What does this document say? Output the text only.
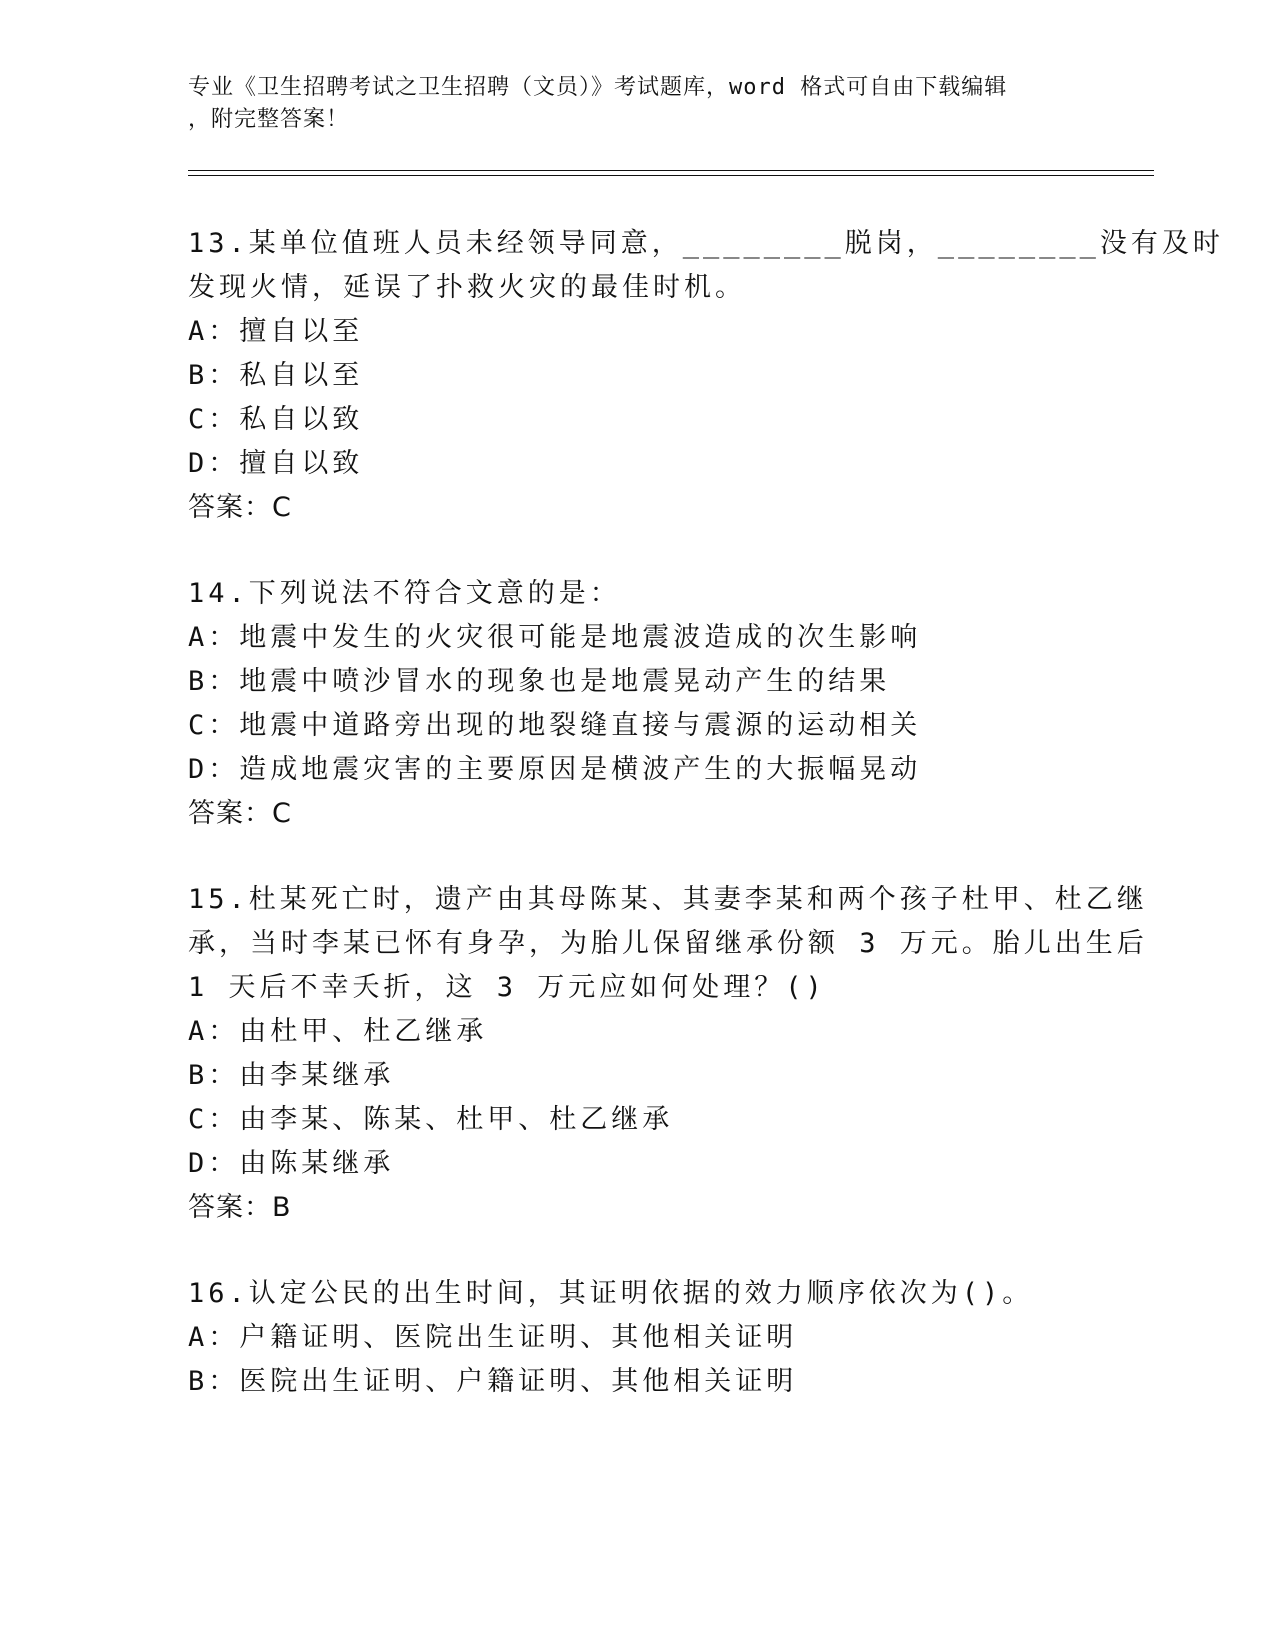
专业《卫生招聘考试之卫生招聘（文员）》考试题库，word 格式可自由下载编辑
，附完整答案！
13.某单位值班人员未经领导同意，________脱岗，________没有及时
发现火情，延误了扑救火灾的最佳时机。
A：擅自以至
B：私自以至
C：私自以致
D：擅自以致
答案：C
14.下列说法不符合文意的是：
A：地震中发生的火灾很可能是地震波造成的次生影响
B：地震中喷沙冒水的现象也是地震晃动产生的结果
C：地震中道路旁出现的地裂缝直接与震源的运动相关
D：造成地震灾害的主要原因是横波产生的大振幅晃动
答案：C
15.杜某死亡时，遗产由其母陈某、其妻李某和两个孩子杜甲、杜乙继
承，当时李某已怀有身孕，为胎儿保留继承份额 3 万元。胎儿出生后
1 天后不幸夭折，这 3 万元应如何处理？()
A：由杜甲、杜乙继承
B：由李某继承
C：由李某、陈某、杜甲、杜乙继承
D：由陈某继承
答案：B
16.认定公民的出生时间，其证明依据的效力顺序依次为()。
A：户籍证明、医院出生证明、其他相关证明
B：医院出生证明、户籍证明、其他相关证明
